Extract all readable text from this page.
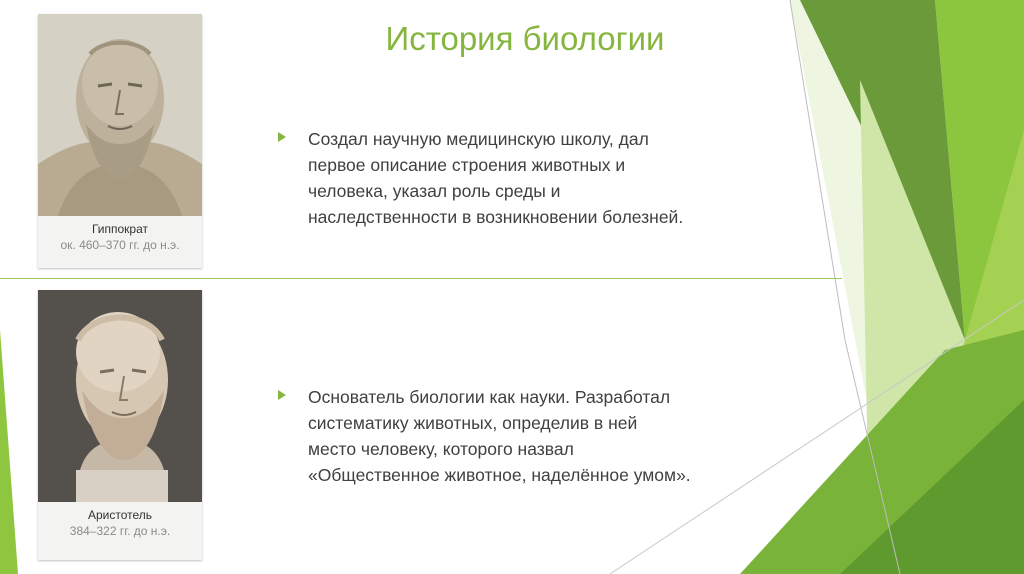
История биологии
Гиппократ
ок. 460–370 гг. до н.э.
Аристотель
384–322 гг. до н.э.

Создал научную медицинскую школу, дал
первое описание строения животных и
человека, указал роль среды и
наследственности в возникновении болезней.

Основатель биологии как науки. Разработал
систематику животных, определив в ней
место человеку, которого назвал
«Общественное животное, наделённое умом».
